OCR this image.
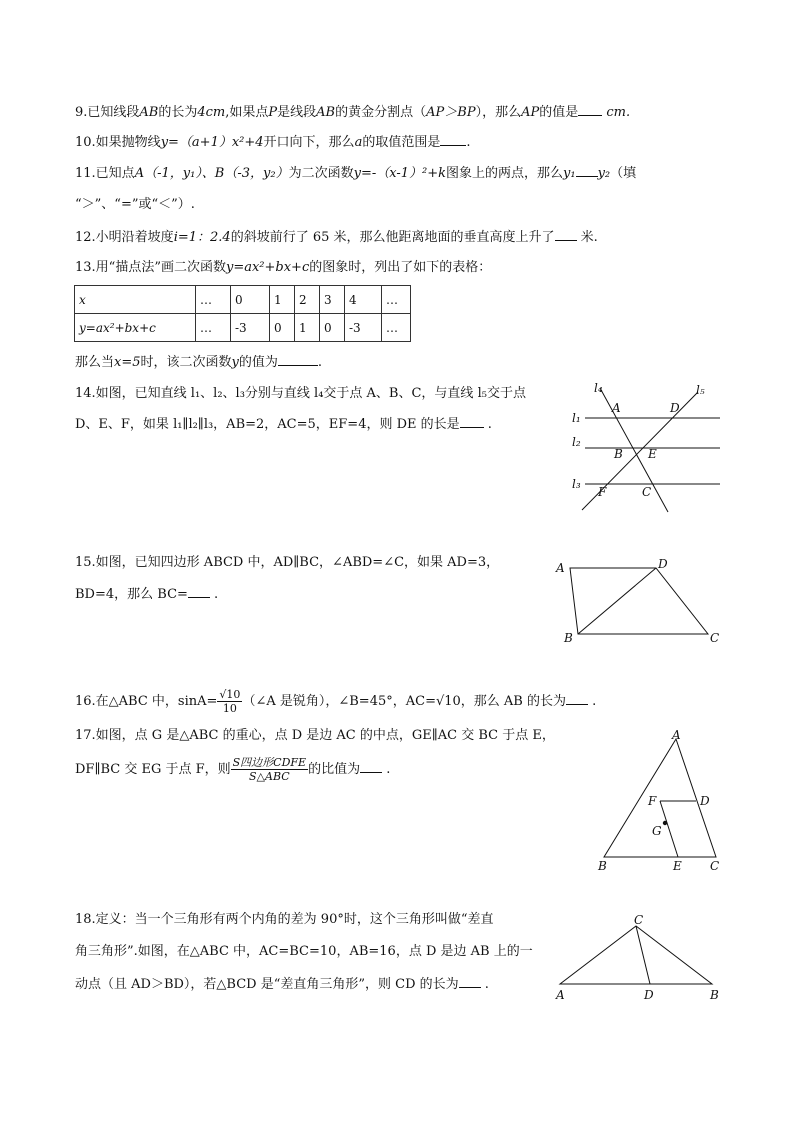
9.已知线段AB的长为4cm,如果点P是线段AB的黄金分割点（AP＞BP），那么AP的值是 cm.
10.如果抛物线y=（a+1）x²+4开口向下，那么a的取值范围是 .
11.已知点A（-1，y₁）、B（-3，y₂）为二次函数y=-（x-1）²+k图象上的两点，那么y₁ y₂（填
“＞”、“=”或“＜”）.
12.小明沿着坡度i=1：2.4的斜坡前行了 65 米，那么他距离地面的垂直高度上升了 米.
13.用“描点法”画二次函数y=ax²+bx+c的图象时，列出了如下的表格：
x	…	0	1	2	3	4	…
y=ax²+bx+c	…	-3	0	1	0	-3	…
那么当x=5时，该二次函数y的值为	.
14.如图，已知直线 l₁、l₂、l₃分别与直线 l₄交于点 A、B、C，与直线 l₅交于点
D、E、F，如果 l₁∥l₂∥l₃，AB=2，AC=5，EF=4，则 DE 的长是 .
l₄	l₅
l₁
l₂
l₃
A	D
B E
F	C
15.如图，已知四边形 ABCD 中，AD∥BC，∠ABD=∠C，如果 AD=3，
BD=4，那么 BC= .
A	D
B	C
16.在△ABC 中，$\sin A= \frac{√10}{10}$ （∠A 是锐角），∠B=45°，AC=√10，那么 AB 的长为 .
17.如图，点 G 是△ABC 的重心，点 D 是边 AC 的中点，GE∥AC 交 BC 于点 E，
DF∥BC 交 EG 于点 F，则 $\frac{\text{S四边形CDFE}}{\text{S△ABC}}$ 的比值为 .
A
F	D
G
B	E C
18.定义：当一个三角形有两个内角的差为 90°时，这个三角形叫做“差直
角三角形”.如图，在△ABC 中，AC=BC=10，AB=16，点 D 是边 AB 上的一
动点（且 AD＞BD），若△BCD 是“差直角三角形”，则 CD 的长为 .
C
A	D	B
